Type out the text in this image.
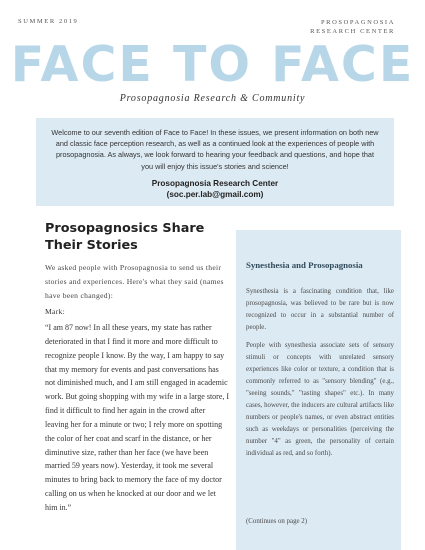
SUMMER 2019	PROSOPAGNOSIA
RESEARCH CENTER
FACE TO FACE
Prosopagnosia Research & Community

Welcome to our seventh edition of Face to Face! In these issues, we present information on both new and classic face perception research, as well as a continued look at the experiences of people with prosopagnosia. As always, we look forward to hearing your feedback and questions, and hope that you will enjoy this issue's stories and science!

Prosopagnosia Research Center
(soc.per.lab@gmail.com)
Prosopagnosics Share Their Stories

We asked people with Prosopagnosia to send us their stories and experiences. Here's what they said (names have been changed):

Mark:

“I am 87 now! In all these years, my state has rather deteriorated in that I find it more and more difficult to recognize people I know. By the way, I am happy to say that my memory for events and past conversations has not diminished much, and I am still engaged in academic work. But going shopping with my wife in a large store, I find it difficult to find her again in the crowd after leaving her for a minute or two; I rely more on spotting the color of her coat and scarf in the distance, or her diminutive size, rather than her face (we have been married 59 years now). Yesterday, it took me several minutes to bring back to memory the face of my doctor calling on us when he knocked at our door and we let him in.”

Synesthesia and Prosopagnosia

Synesthesia is a fascinating condition that, like prosopagnosia, was believed to be rare but is now recognized to occur in a substantial number of people.

People with synesthesia associate sets of sensory stimuli or concepts with unrelated sensory experiences like color or texture, a condition that is commonly referred to as "sensory blending" (e.g., "seeing sounds," "tasting shapes" etc.). In many cases, however, the inducers are cultural artifacts like numbers or people's names, or even abstract entities such as weekdays or personalities (perceiving the number "4" as green, the personality of certain individual as red, and so forth).

(Continues on page 2)
